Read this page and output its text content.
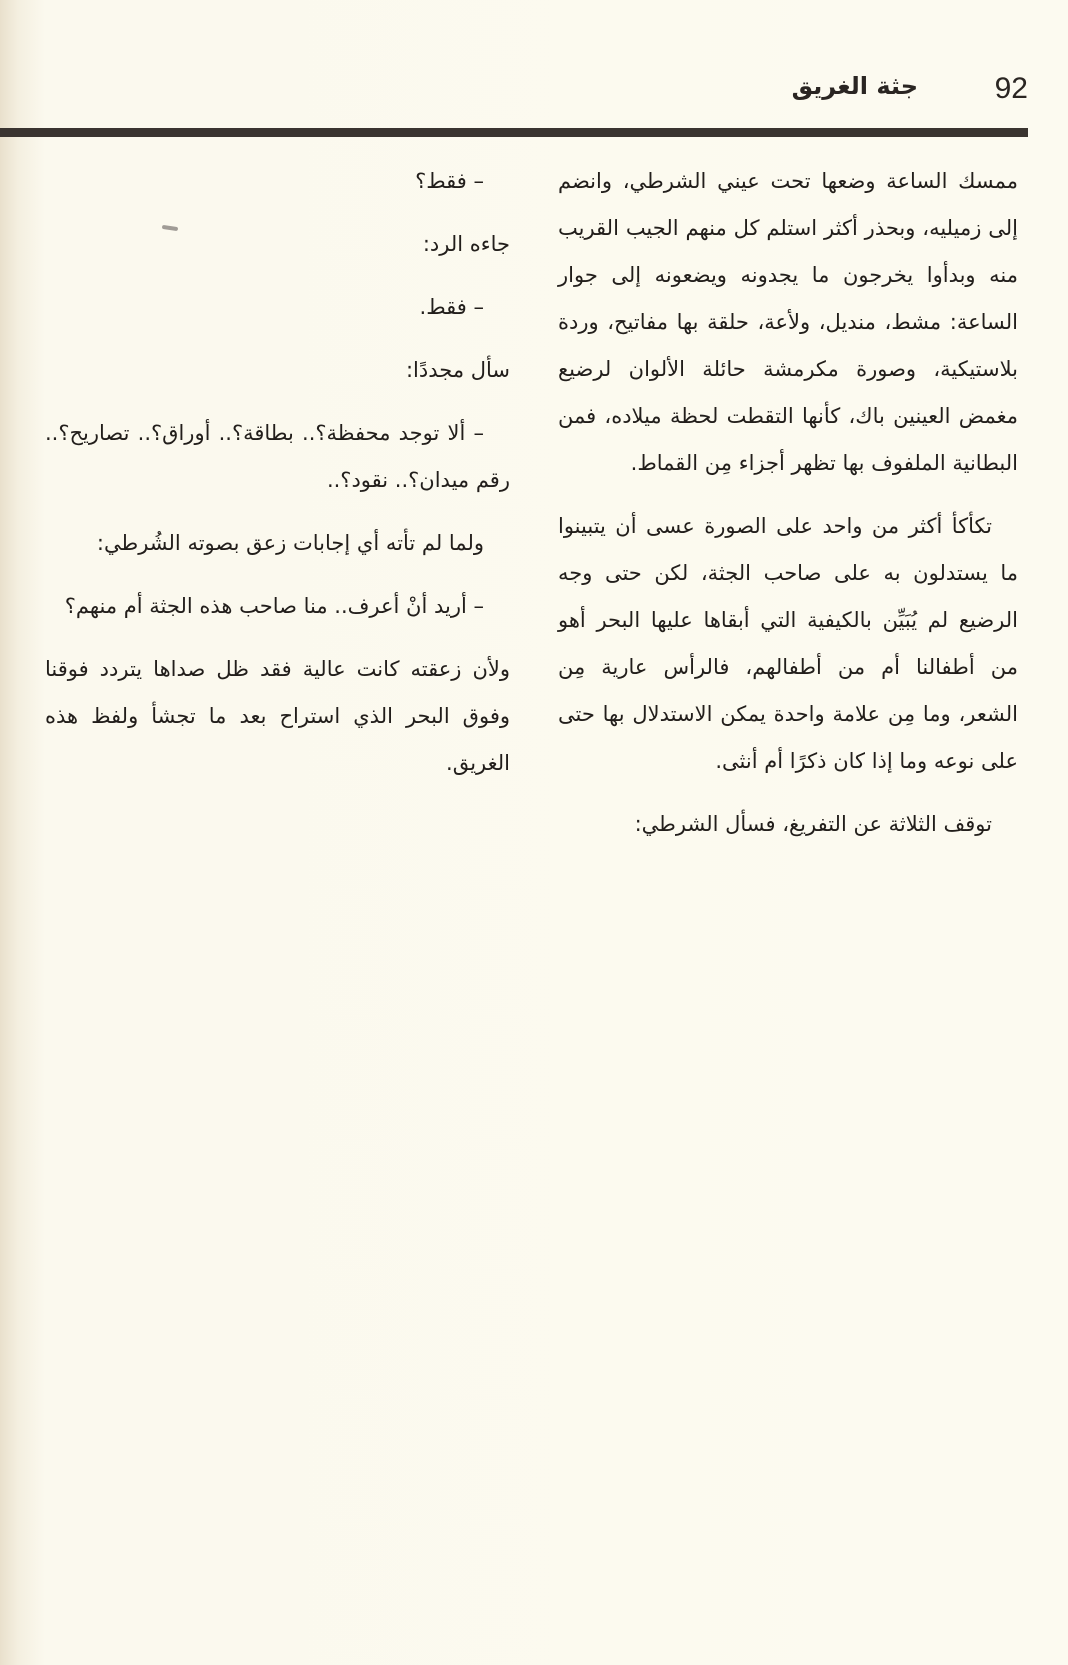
92
جثة الغريق

ممسك الساعة وضعها تحت عيني الشرطي، وانضم إلى زميليه، وبحذر أكثر استلم كل منهم الجيب القريب منه وبدأوا يخرجون ما يجدونه ويضعونه إلى جوار الساعة: مشط، منديل، ولأعة، حلقة بها مفاتيح، وردة بلاستيكية، وصورة مكرمشة حائلة الألوان لرضيع مغمض العينين باك، كأنها التقطت لحظة ميلاده، فمن البطانية الملفوف بها تظهر أجزاء مِن القماط.

تكأكأ أكثر من واحد على الصورة عسى أن يتبينوا ما يستدلون به على صاحب الجثة، لكن حتى وجه الرضيع لم يُبَيِّن بالكيفية التي أبقاها عليها البحر أهو من أطفالنا أم من أطفالهم، فالرأس عارية مِن الشعر، وما مِن علامة واحدة يمكن الاستدلال بها حتى على نوعه وما إذا كان ذكرًا أم أنثى.

توقف الثلاثة عن التفريغ، فسأل الشرطي:

– فقط؟

جاءه الرد:

– فقط.

سأل مجددًا:

– ألا توجد محفظة؟.. بطاقة؟.. أوراق؟.. تصاريح؟.. رقم ميدان؟.. نقود؟..

ولما لم تأته أي إجابات زعق بصوته الشُرطي:

– أريد أنْ أعرف.. منا صاحب هذه الجثة أم منهم؟

ولأن زعقته كانت عالية فقد ظل صداها يتردد فوقنا وفوق البحر الذي استراح بعد ما تجشأ ولفظ هذه الغريق.
